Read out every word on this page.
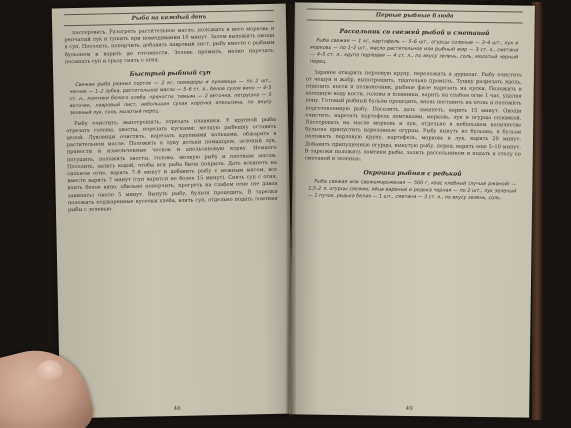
Рыба на каждый день

пассеровать. Разогреть растительное масло, положить в него морковь и репчатый лук и тушить при помешивании 10 минут. Затем выложить овощи в суп. Посолить, поперчить, добавить лавровый лист, рыбу вместе с рыбным бульоном и варить до готовности. Зелень промыть, мелко нарезать, посыпать суп и сразу снять с огня.

Быстрый рыбный суп
Свежая рыба разных сортов — 2 кг, помидоры и луковицы — по 2 шт., чеснок — 1–2 зубка, растительное масло — 5–6 ст. л., белое сухое вино — 4–5 ст. л., ломтики белого хлеба, пряности: тимьян — 2 веточки, петрушка — 5 веточек, лавровый лист, небольшая сухая корочка апельсина, по вкусу зеленый лук, соль, молотый перец.

Рыбу очистить, выпотрошить, отрезать плавники. У крупной рыбы отрезать головы, хвосты, порезать кусками; мелкую рыбешку оставить целой. Луковицы очистить, нарезать крупными кольцами, обжарить в растительном масле. Положить к луку дольки помидоров, зеленый лук, пряности и измельченные чеснок и апельсиновую корку. Немного потушить, положить хвосты, головы, мелкую рыбу и плотным мясом. Посолить, залить водой, чтобы вся рыба была покрыта. Дать вскипеть на сильном огне, варить 7–8 минут и добавить рыбу с нежным мясом, все вместе варить 7 минут (суп варится не более 15 минут). Снять суп с огня, влить белое вино, обильно поперчить, прогреть на слабом огне (не давая закипать) около 5 минут. Вынуть рыбу, бульон процедить. В тарелки положить поджаренные кусочки хлеба, влить суп, отдельно подать ломтики рыбы с зеленью.

48
Первые рыбные блюда
Рассольник со свежей рыбой и сметаной
Рыба свежая — 1 кг, картофель — 5–6 шт., огурцы соленые — 3–4 шт., лук и морковь — по 1–2 шт., масло растительное или рыбный жир — 3 ст. л., сметана — 4–5 ст. л., крупа перловая — 4 ст. л., по вкусу зелень, соль, молотый черный перец.

Заранее отварить перловую крупу, переложить в дуршлаг. Рыбу очистить от чешуи и жабр, выпотрошить, тщательно промыть. Тушку разрезать вдоль, отделить кости и позвоночник, рыбное филе нарезать на куски. Положить в холодную воду кости, головы и плавники, варить на слабом огне 1 час, удаляя пену. Готовый рыбный бульон процедить, вновь поставить на огонь и положить подготовленную рыбу. Посолить, дать закипеть, варить 15 минут. Овощи очистить, нарезать картофель ломтиками, морковь, лук и огурцы соломкой. Пассеровать на масле морковь и лук, отдельно в небольшом количестве бульона припустить нарезанные огурцы. Рыбу вынуть из бульона, в бульон положить перловую крупу, картофель, морковь и лук, варить 20 минут. Добавить припущенные огурцы, вынутую рыбу, перец, варить еще 5–10 минут. В тарелки положить ломтики рыбы, залить рассольником и подать к столу со сметаной и зеленью.

Окрошка рыбная с редькой
Рыба свежая или свежемороженая — 500 г, квас хлебный (лучше ржаной) — 1,5–2 л, огурцы свежие, яйца вареные и редька черная — по 2 шт., лук зеленый — 1 пучок, редька белая — 1 шт., сметана — 3 ст. л., по вкусу зелень, соль.
49
